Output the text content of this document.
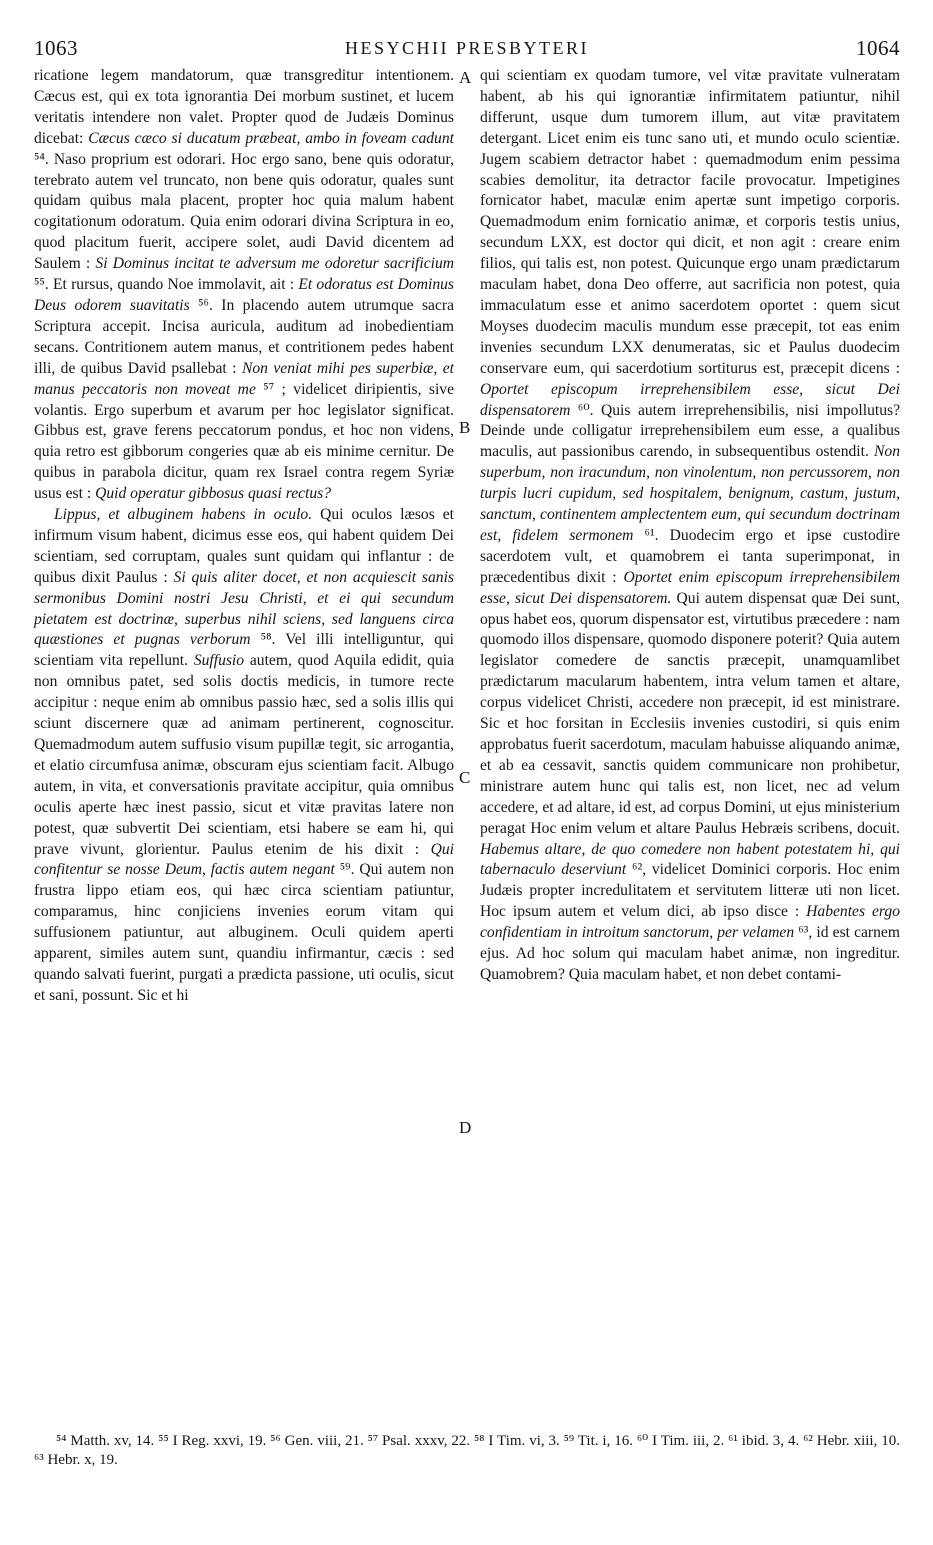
1063	HESYCHII PRESBYTERI	1064

ricatione legem mandatorum, quæ transgreditur intentionem. Cæcus est, qui ex tota ignorantia Dei morbum sustinet, et lucem veritatis intendere non valet. Propter quod de Judæis Dominus dicebat: Cæcus cæco si ducatum præbeat, ambo in foveam cadunt ⁵⁴. Naso proprium est odorari. Hoc ergo sano, bene quis odoratur, terebrato autem vel truncato, non bene quis odoratur, quales sunt quidam quibus mala placent, propter hoc quia malum habent cogitationum odoratum. Quia enim odorari divina Scriptura in eo, quod placitum fuerit, accipere solet, audi David dicentem ad Saulem : Si Dominus incitat te adversum me odoretur sacrificium ⁵⁵. Et rursus, quando Noe immolavit, ait : Et odoratus est Dominus Deus odorem suavitatis ⁵⁶. In placendo autem utrumque sacra Scriptura accepit. Incisa auricula, auditum ad inobedientiam secans. Contritionem autem manus, et contritionem pedes habent illi, de quibus David psallebat : Non veniat mihi pes superbiæ, et manus peccatoris non moveat me ⁵⁷ ; videlicet diripientis, sive volantis. Ergo superbum et avarum per hoc legislator significat. Gibbus est, grave ferens peccatorum pondus, et hoc non videns, quia retro est gibborum congeries quæ ab eis minime cernitur. De quibus in parabola dicitur, quam rex Israel contra regem Syriæ usus est : Quid operatur gibbosus quasi rectus?

Lippus, et albuginem habens in oculo. Qui oculos læsos et infirmum visum habent, dicimus esse eos, qui habent quidem Dei scientiam, sed corruptam, quales sunt quidam qui inflantur : de quibus dixit Paulus : Si quis aliter docet, et non acquiescit sanis sermonibus Domini nostri Jesu Christi, et ei qui secundum pietatem est doctrinæ, superbus nihil sciens, sed languens circa quæstiones et pugnas verborum ⁵⁸. Vel illi intelliguntur, qui scientiam vita repellunt. Suffusio autem, quod Aquila edidit, quia non omnibus patet, sed solis doctis medicis, in tumore recte accipitur : neque enim ab omnibus passio hæc, sed a solis illis qui sciunt discernere quæ ad animam pertinerent, cognoscitur. Quemadmodum autem suffusio visum pupillæ tegit, sic arrogantia, et elatio circumfusa animæ, obscuram ejus scientiam facit. Albugo autem, in vita, et conversationis pravitate accipitur, quia omnibus oculis aperte hæc inest passio, sicut et vitæ pravitas latere non potest, quæ subvertit Dei scientiam, etsi habere se eam hi, qui prave vivunt, glorientur. Paulus etenim de his dixit : Qui confitentur se nosse Deum, factis autem negant ⁵⁹. Qui autem non frustra lippo etiam eos, qui hæc circa scientiam patiuntur, comparamus, hinc conjiciens invenies eorum vitam qui suffusionem patiuntur, aut albuginem. Oculi quidem aperti apparent, similes autem sunt, quandiu infirmantur, cæcis : sed quando salvati fuerint, purgati a prædicta passione, uti oculis, sicut et sani, possunt. Sic et hi

qui scientiam ex quodam tumore, vel vitæ pravitate vulneratam habent, ab his qui ignorantiæ infirmitatem patiuntur, nihil differunt, usque dum tumorem illum, aut vitæ pravitatem detergant. Licet enim eis tunc sano uti, et mundo oculo scientiæ. Jugem scabiem detractor habet : quemadmodum enim pessima scabies demolitur, ita detractor facile provocatur. Impetigines fornicator habet, maculæ enim apertæ sunt impetigo corporis. Quemadmodum enim fornicatio animæ, et corporis testis unius, secundum LXX, est doctor qui dicit, et non agit : creare enim filios, qui talis est, non potest. Quicunque ergo unam prædictarum maculam habet, dona Deo offerre, aut sacrificia non potest, quia immaculatum esse et animo sacerdotem oportet : quem sicut Moyses duodecim maculis mundum esse præcepit, tot eas enim invenies secundum LXX denumeratas, sic et Paulus duodecim conservare eum, qui sacerdotium sortiturus est, præcepit dicens : Oportet episcopum irreprehensibilem esse, sicut Dei dispensatorem ⁶⁰. Quis autem irreprehensibilis, nisi impollutus? Deinde unde colligatur irreprehensibilem eum esse, a qualibus maculis, aut passionibus carendo, in subsequentibus ostendit. Non superbum, non iracundum, non vinolentum, non percussorem, non turpis lucri cupidum, sed hospitalem, benignum, castum, justum, sanctum, continentem amplectentem eum, qui secundum doctrinam est, fidelem sermonem ⁶¹. Duodecim ergo et ipse custodire sacerdotem vult, et quamobrem ei tanta superimponat, in præcedentibus dixit : Oportet enim episcopum irreprehensibilem esse, sicut Dei dispensatorem. Qui autem dispensat quæ Dei sunt, opus habet eos, quorum dispensator est, virtutibus præcedere : nam quomodo illos dispensare, quomodo disponere poterit? Quia autem legislator comedere de sanctis præcepit, unamquamlibet prædictarum macularum habentem, intra velum tamen et altare, corpus videlicet Christi, accedere non præcepit, id est ministrare. Sic et hoc forsitan in Ecclesiis invenies custodiri, si quis enim approbatus fuerit sacerdotum, maculam habuisse aliquando animæ, et ab ea cessavit, sanctis quidem communicare non prohibetur, ministrare autem hunc qui talis est, non licet, nec ad velum accedere, et ad altare, id est, ad corpus Domini, ut ejus ministerium peragat Hoc enim velum et altare Paulus Hebræis scribens, docuit. Habemus altare, de quo comedere non habent potestatem hi, qui tabernaculo deserviunt ⁶², videlicet Dominici corporis. Hoc enim Judæis propter incredulitatem et servitutem litteræ uti non licet. Hoc ipsum autem et velum dici, ab ipso disce : Habentes ergo confidentiam in introitum sanctorum, per velamen ⁶³, id est carnem ejus. Ad hoc solum qui maculam habet animæ, non ingreditur. Quamobrem? Quia maculam habet, et non debet contami-

A
B
C
D
⁵⁴ Matth. xv, 14. ⁵⁵ I Reg. xxvi, 19. ⁵⁶ Gen. viii, 21. ⁵⁷ Psal. xxxv, 22. ⁵⁸ I Tim. vi, 3. ⁵⁹ Tit. i, 16. ⁶⁰ I Tim. iii, 2. ⁶¹ ibid. 3, 4. ⁶² Hebr. xiii, 10. ⁶³ Hebr. x, 19.
